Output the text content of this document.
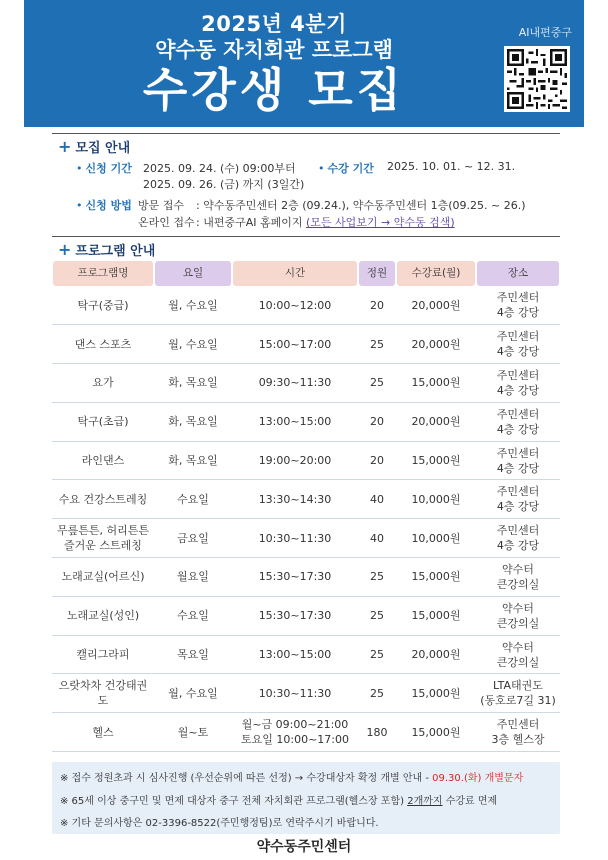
2025년 4분기
약수동 자치회관 프로그램
수강생 모집
AI내편중구
+ 모집 안내
• 신청 기간 2025. 09. 24. (수) 09:00부터
2025. 09. 26. (금) 까지 (3일간)
• 수강 기간 2025. 10. 01. ~ 12. 31.
• 신청 방법 방문 접수 : 약수동주민센터 2층 (09.24.), 약수동주민센터 1층(09.25. ~ 26.)
온라인 접수 : 내편중구AI 홈페이지 (모든 사업보기 → 약수동 검색)
+ 프로그램 안내
프로그램명	요일	시간	정원	수강료(월)	장소

탁구(중급)	월, 수요일	10:00~12:00	20	20,000원	주민센터
4층 강당
댄스 스포츠	월, 수요일	15:00~17:00	25	20,000원	주민센터
4층 강당
요가	화, 목요일	09:30~11:30	25	15,000원	주민센터
4층 강당
탁구(초급)	화, 목요일	13:00~15:00	20	20,000원	주민센터
4층 강당
라인댄스	화, 목요일	19:00~20:00	20	15,000원	주민센터
4층 강당
수요 건강스트레칭	수요일	13:30~14:30	40	10,000원	주민센터
4층 강당
무릎튼튼, 허리튼튼
즐거운 스트레칭	금요일	10:30~11:30	40	10,000원	주민센터
4층 강당
노래교실(어르신)	월요일	15:30~17:30	25	15,000원	약수터
큰강의실
노래교실(성인)	수요일	15:30~17:30	25	15,000원	약수터
큰강의실
캘리그라피	목요일	13:00~15:00	25	20,000원	약수터
큰강의실
으랏차차 건강태권도	월, 수요일	10:30~11:30	25	15,000원	LTA태권도
(동호로7길 31)
헬스	월~토	월~금 09:00~21:00
토요일 10:00~17:00	180	15,000원	주민센터
3층 헬스장
※ 접수 정원초과 시 심사진행 (우선순위에 따른 선정) → 수강대상자 확정 개별 안내 - 09.30.(화) 개별문자
※ 65세 이상 중구민 및 면제 대상자 중구 전체 자치회관 프로그램(헬스장 포함) 2개까지 수강료 면제
※ 기타 문의사항은 02-3396-8522(주민행정팀)로 연락주시기 바랍니다.
약수동주민센터
